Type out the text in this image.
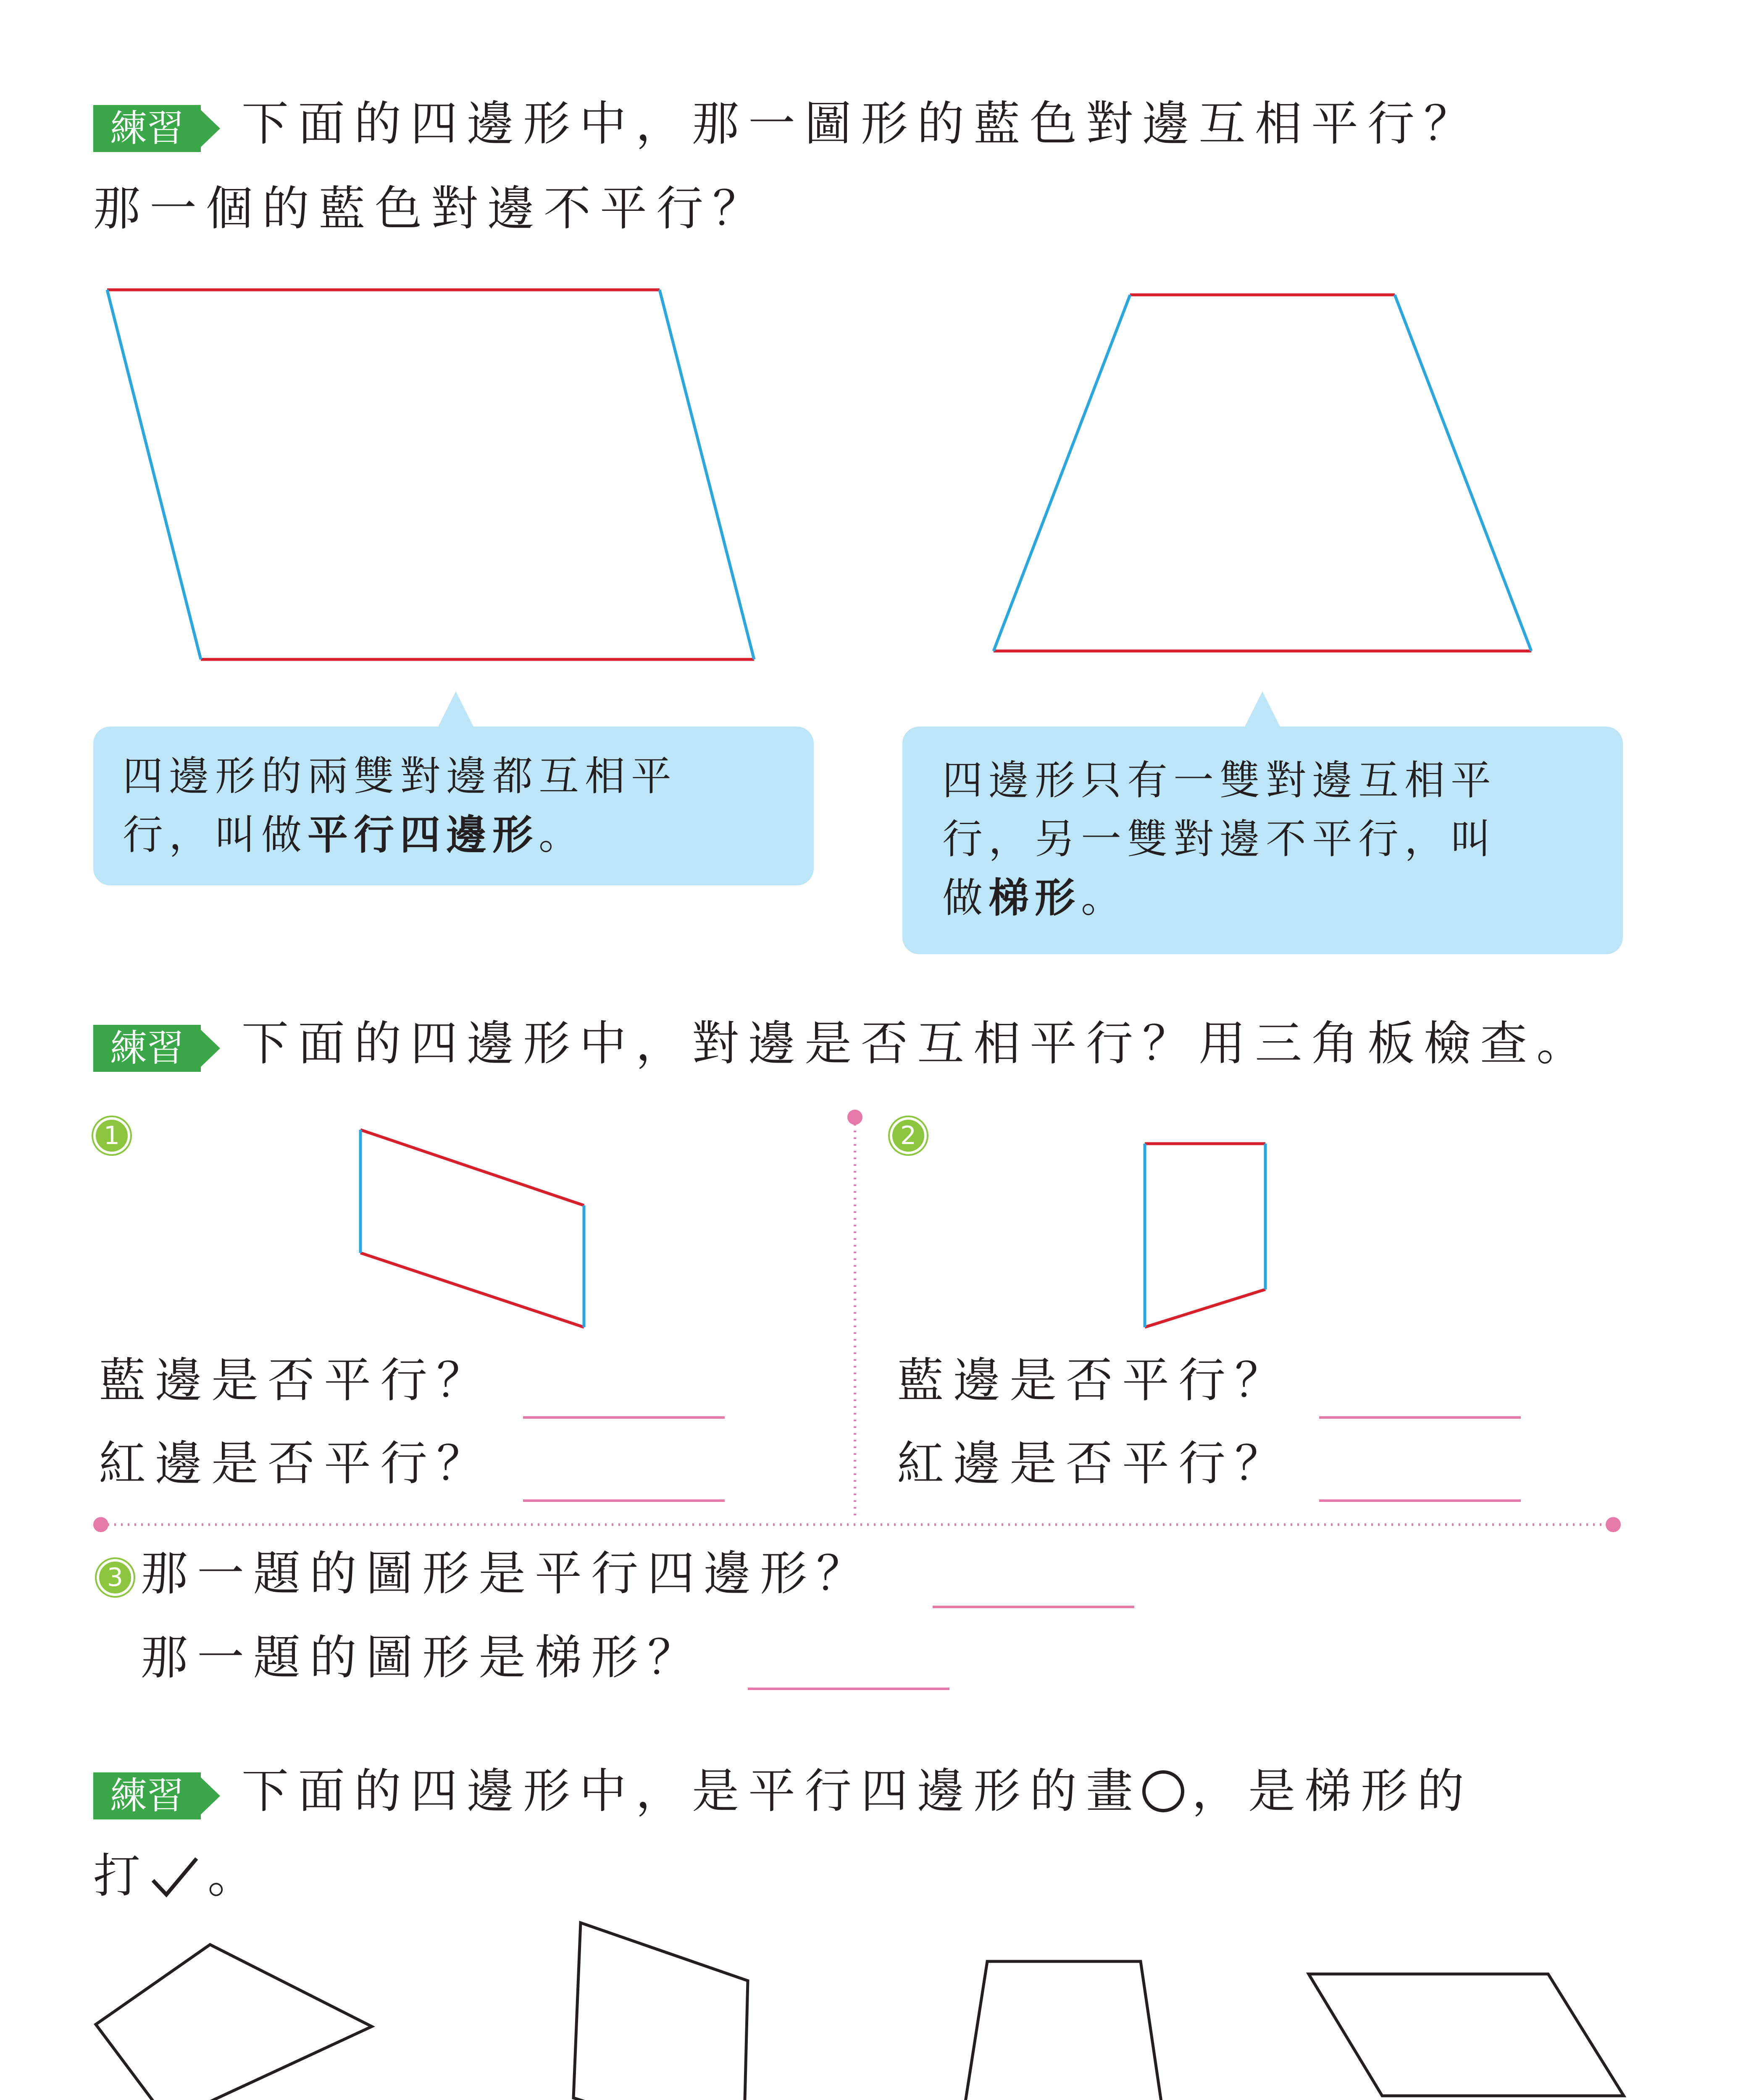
練習	下面的四邊形中，那一圖形的藍色對邊互相平行？
那一個的藍色對邊不平行？
四邊形的兩雙對邊都互相平
行，叫做平行四邊形。
四邊形只有一雙對邊互相平
行，另一雙對邊不平行，叫
做梯形。
練習	下面的四邊形中，對邊是否互相平行？用三角板檢查。
1	2
藍邊是否平行？
紅邊是否平行？
藍邊是否平行？
紅邊是否平行？
3 那一題的圖形是平行四邊形？
那一題的圖形是梯形？
練習	下面的四邊形中，是平行四邊形的畫 ，是梯形的
打 。
